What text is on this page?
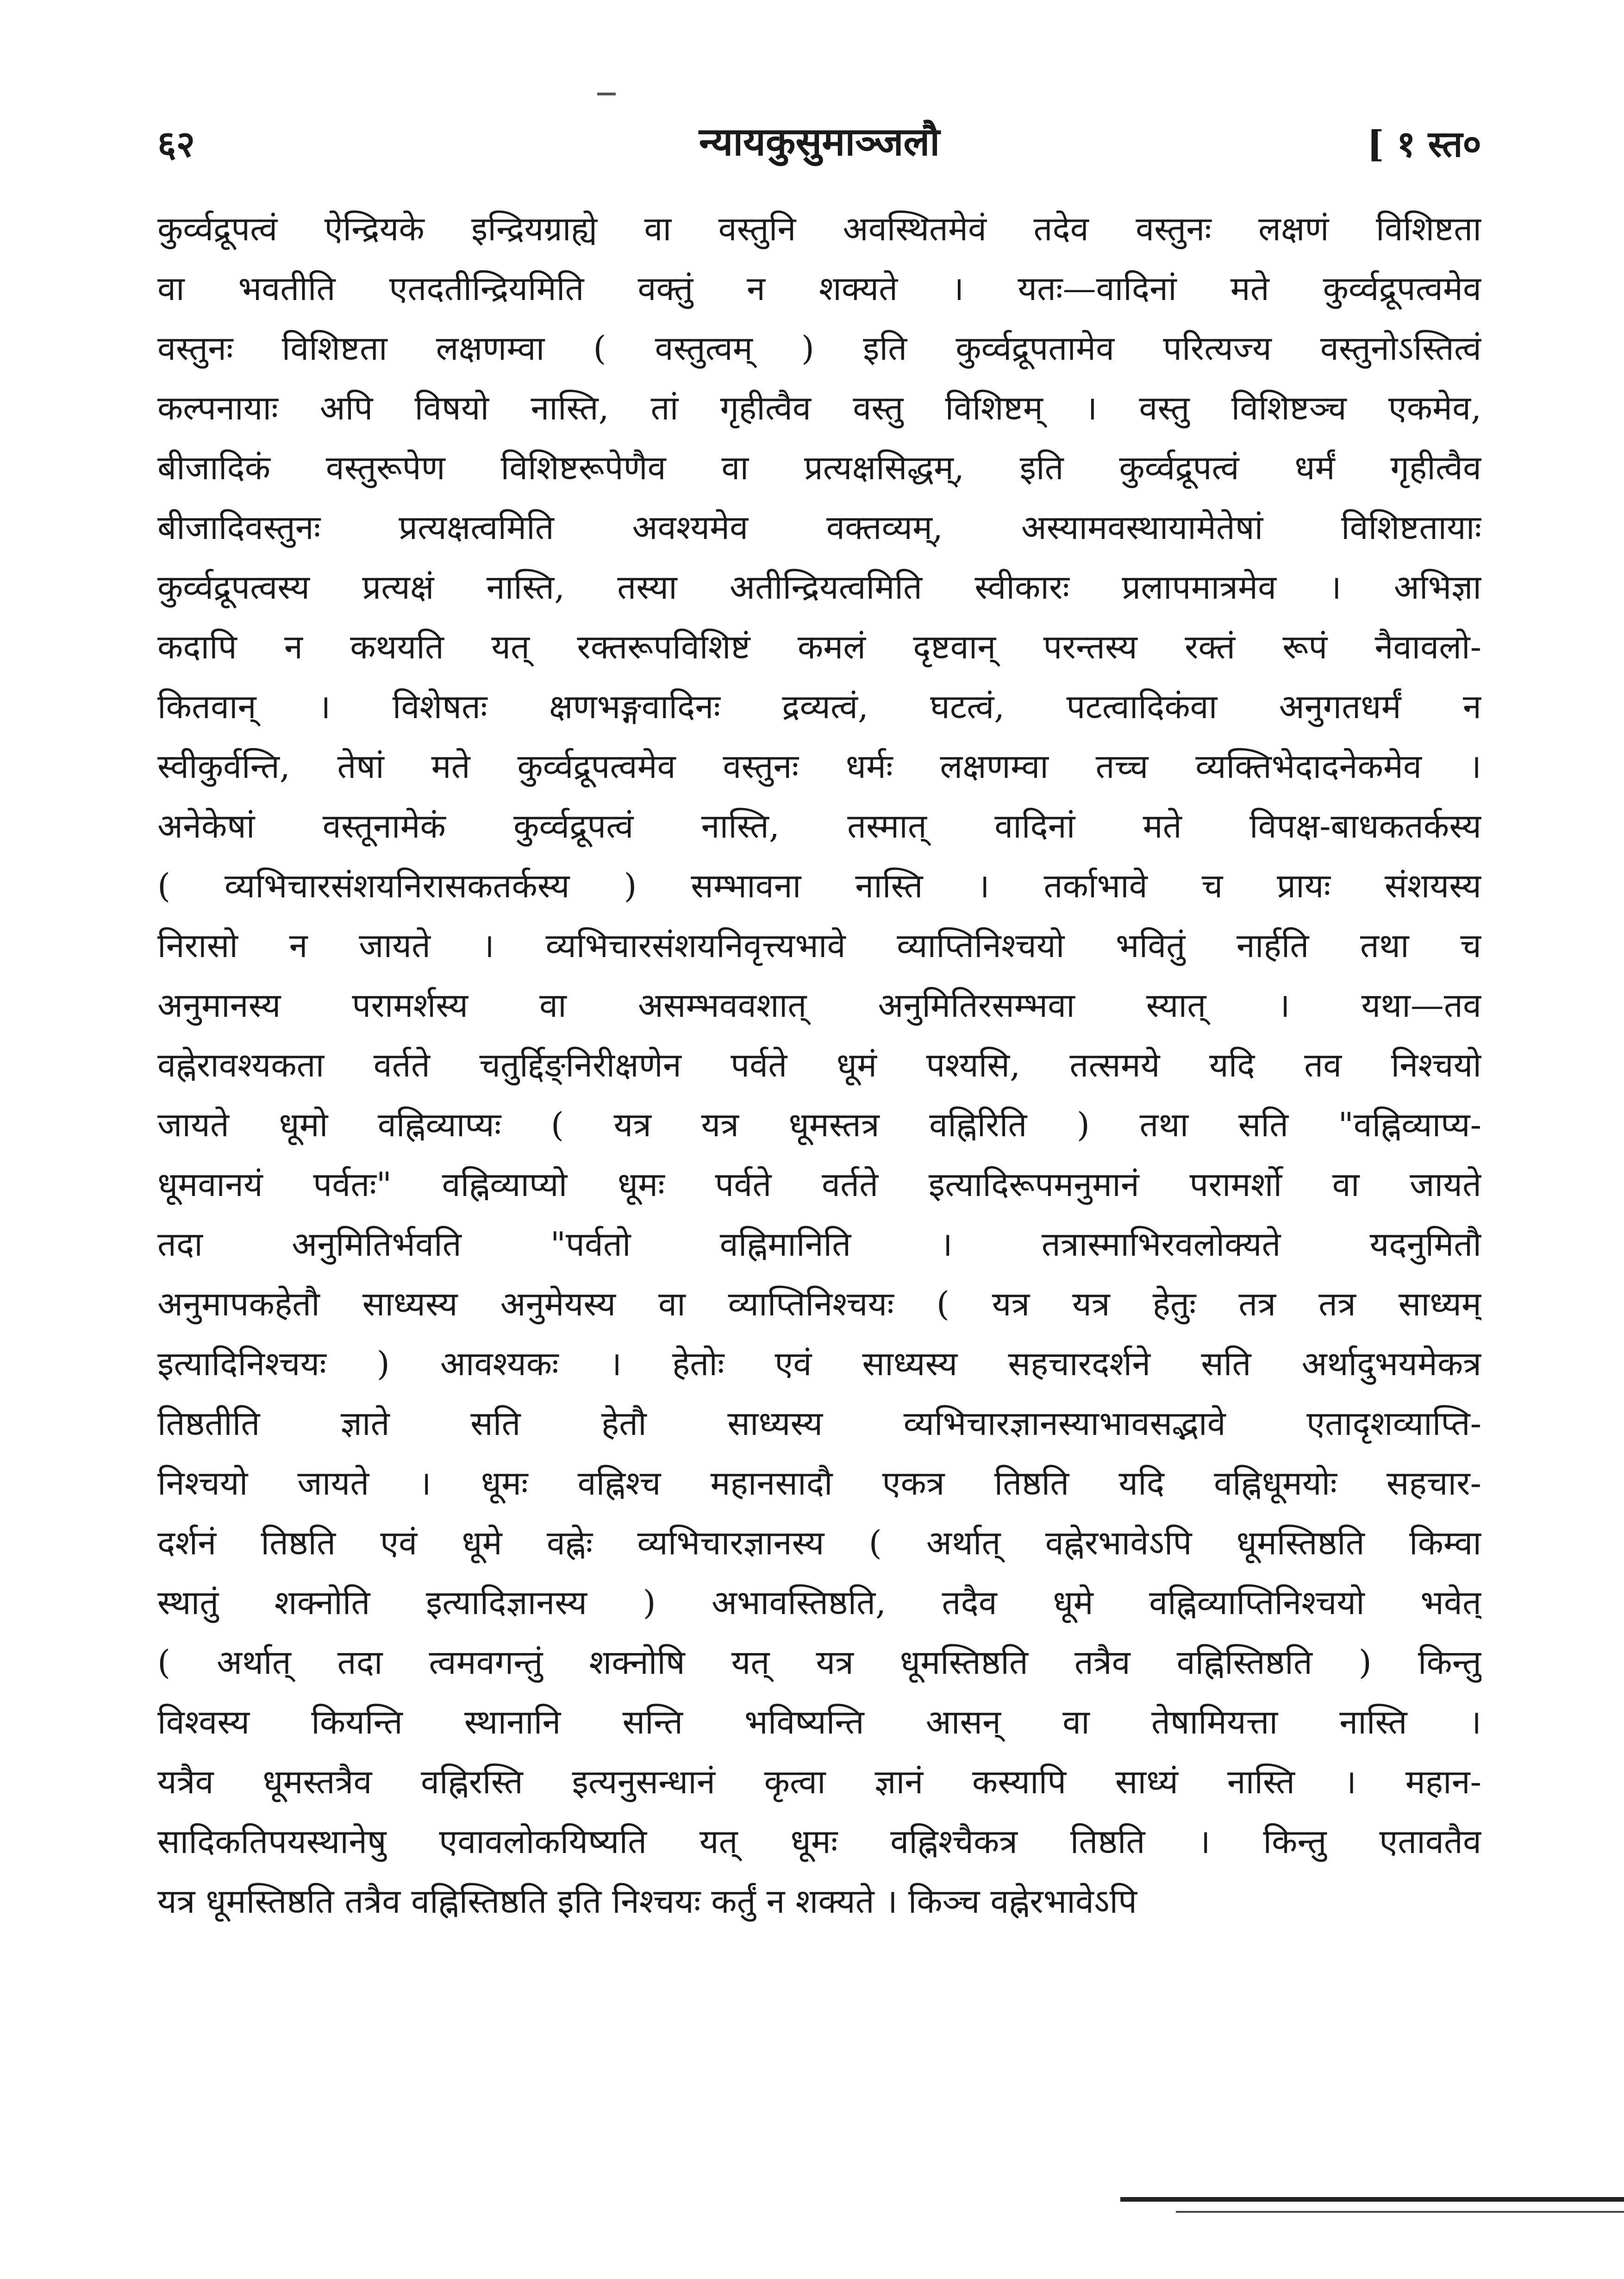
६२	न्यायकुसुमाञ्जलौ	[ १ स्त०
कुर्व्वद्रूपत्वं ऐन्द्रियके इन्द्रियग्राह्ये वा वस्तुनि अवस्थितमेवं तदेव वस्तुनः लक्षणं विशिष्टता
वा भवतीति एतदतीन्द्रियमिति वक्तुं न शक्यते । यतः—वादिनां मते कुर्व्वद्रूपत्वमेव
वस्तुनः विशिष्टता लक्षणम्वा ( वस्तुत्वम् ) इति कुर्व्वद्रूपतामेव परित्यज्य वस्तुनोऽस्तित्वं
कल्पनायाः अपि विषयो नास्ति, तां गृहीत्वैव वस्तु विशिष्टम् । वस्तु विशिष्टञ्च एकमेव,
बीजादिकं वस्तुरूपेण विशिष्टरूपेणैव वा प्रत्यक्षसिद्धम्, इति कुर्व्वद्रूपत्वं धर्मं गृहीत्वैव
बीजादिवस्तुनः प्रत्यक्षत्वमिति अवश्यमेव वक्तव्यम्, अस्यामवस्थायामेतेषां विशिष्टतायाः
कुर्व्वद्रूपत्वस्य प्रत्यक्षं नास्ति, तस्या अतीन्द्रियत्वमिति स्वीकारः प्रलापमात्रमेव । अभिज्ञा
कदापि न कथयति यत् रक्तरूपविशिष्टं कमलं दृष्टवान् परन्तस्य रक्तं रूपं नैवावलो-
कितवान् । विशेषतः क्षणभङ्गवादिनः द्रव्यत्वं, घटत्वं, पटत्वादिकंवा अनुगतधर्मं न
स्वीकुर्वन्ति, तेषां मते कुर्व्वद्रूपत्वमेव वस्तुनः धर्मः लक्षणम्वा तच्च व्यक्तिभेदादनेकमेव ।
अनेकेषां वस्तूनामेकं कुर्व्वद्रूपत्वं नास्ति, तस्मात् वादिनां मते विपक्ष-बाधकतर्कस्य
( व्यभिचारसंशयनिरासकतर्कस्य ) सम्भावना नास्ति । तर्काभावे च प्रायः संशयस्य
निरासो न जायते । व्यभिचारसंशयनिवृत्त्यभावे व्याप्तिनिश्चयो भवितुं नार्हति तथा च
अनुमानस्य परामर्शस्य वा असम्भववशात् अनुमितिरसम्भवा स्यात् । यथा—तव
वह्नेरावश्यकता वर्तते चतुर्द्दिङ्निरीक्षणेन पर्वते धूमं पश्यसि, तत्समये यदि तव निश्चयो
जायते धूमो वह्निव्याप्यः ( यत्र यत्र धूमस्तत्र वह्निरिति ) तथा सति "वह्निव्याप्य-
धूमवानयं पर्वतः" वह्निव्याप्यो धूमः पर्वते वर्तते इत्यादिरूपमनुमानं परामर्शो वा जायते
तदा अनुमितिर्भवति "पर्वतो वह्निमानिति । तत्रास्माभिरवलोक्यते यदनुमितौ
अनुमापकहेतौ साध्यस्य अनुमेयस्य वा व्याप्तिनिश्चयः ( यत्र यत्र हेतुः तत्र तत्र साध्यम्
इत्यादिनिश्चयः ) आवश्यकः । हेतोः एवं साध्यस्य सहचारदर्शने सति अर्थादुभयमेकत्र
तिष्ठतीति ज्ञाते सति हेतौ साध्यस्य व्यभिचारज्ञानस्याभावसद्भावे एतादृशव्याप्ति-
निश्चयो जायते । धूमः वह्निश्च महानसादौ एकत्र तिष्ठति यदि वह्निधूमयोः सहचार-
दर्शनं तिष्ठति एवं धूमे वह्नेः व्यभिचारज्ञानस्य ( अर्थात् वह्नेरभावेऽपि धूमस्तिष्ठति किम्वा
स्थातुं शक्नोति इत्यादिज्ञानस्य ) अभावस्तिष्ठति, तदैव धूमे वह्निव्याप्तिनिश्चयो भवेत्
( अर्थात् तदा त्वमवगन्तुं शक्नोषि यत् यत्र धूमस्तिष्ठति तत्रैव वह्निस्तिष्ठति ) किन्तु
विश्वस्य कियन्ति स्थानानि सन्ति भविष्यन्ति आसन् वा तेषामियत्ता नास्ति ।
यत्रैव धूमस्तत्रैव वह्निरस्ति इत्यनुसन्धानं कृत्वा ज्ञानं कस्यापि साध्यं नास्ति । महान-
सादिकतिपयस्थानेषु एवावलोकयिष्यति यत् धूमः वह्निश्चैकत्र तिष्ठति । किन्तु एतावतैव
यत्र धूमस्तिष्ठति तत्रैव वह्निस्तिष्ठति इति निश्चयः कर्तुं न शक्यते । किञ्च वह्नेरभावेऽपि
